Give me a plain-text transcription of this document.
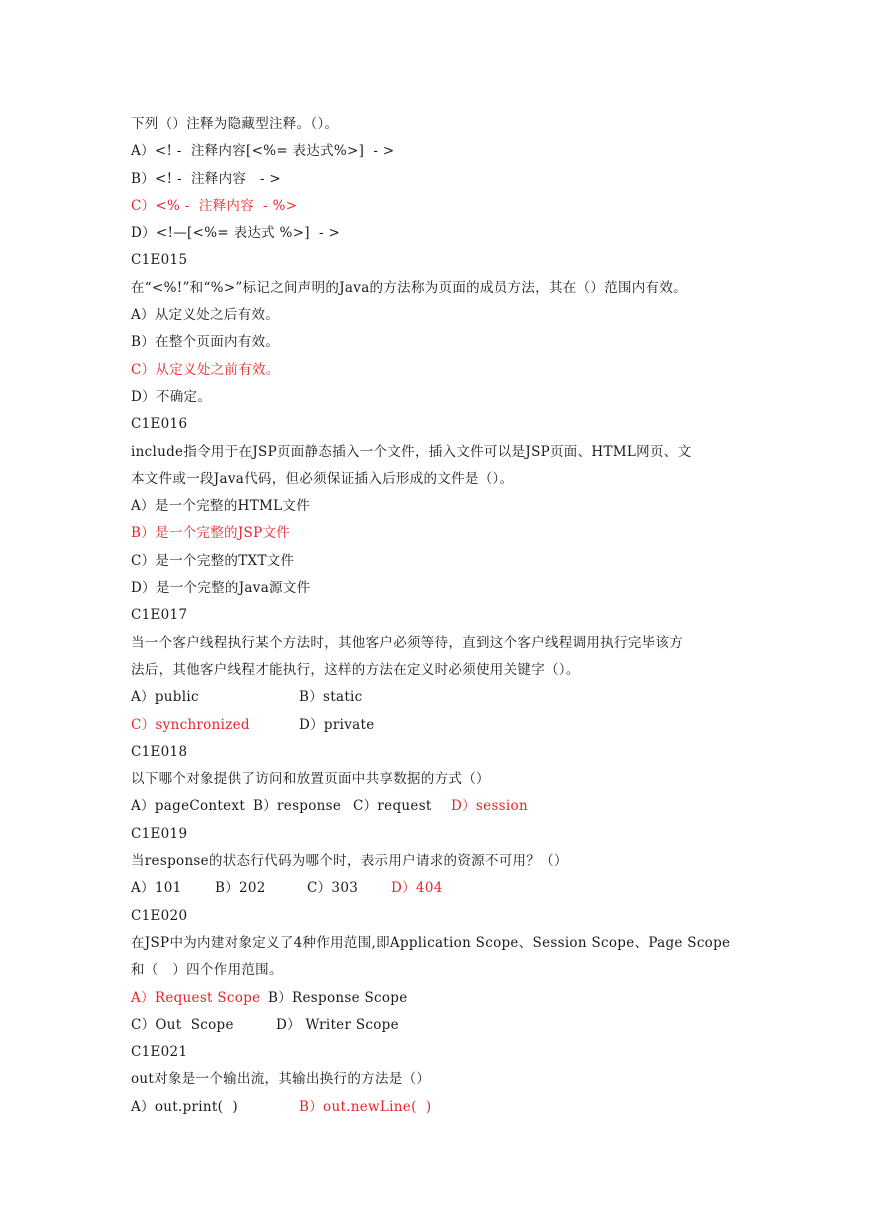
下列（）注释为隐藏型注释。（）。
A）<! -  注释内容[<%= 表达式%>]  - >
B）<! -  注释内容   - >
C）<% -  注释内容  - %>
D）<!—[<%= 表达式 %>]  - >
C1E015
在“<%!”和“%>”标记之间声明的Java的方法称为页面的成员方法，其在（）范围内有效。
A）从定义处之后有效。
B）在整个页面内有效。
C）从定义处之前有效。
D）不确定。
C1E016
include指令用于在JSP页面静态插入一个文件，插入文件可以是JSP页面、HTML网页、文
本文件或一段Java代码，但必须保证插入后形成的文件是（）。
A）是一个完整的HTML文件
B）是一个完整的JSP文件
C）是一个完整的TXT文件
D）是一个完整的Java源文件
C1E017
当一个客户线程执行某个方法时，其他客户必须等待，直到这个客户线程调用执行完毕该方
法后，其他客户线程才能执行，这样的方法在定义时必须使用关键字（）。
A）public	B）static
C）synchronized	D）private
C1E018
以下哪个对象提供了访问和放置页面中共享数据的方式（）
A）pageContext B）response C）request D）session
C1E019
当response的状态行代码为哪个时，表示用户请求的资源不可用？（）
A）101 B）202	C）303 D）404
C1E020
在JSP中为内建对象定义了4种作用范围,即Application Scope、Session Scope、Page Scope
和（   ）四个作用范围。
A）Request Scope B）Response Scope
C）Out  Scope	D） Writer Scope
C1E021
out对象是一个输出流，其输出换行的方法是（）
A）out.print(  )	B）out.newLine(  )
